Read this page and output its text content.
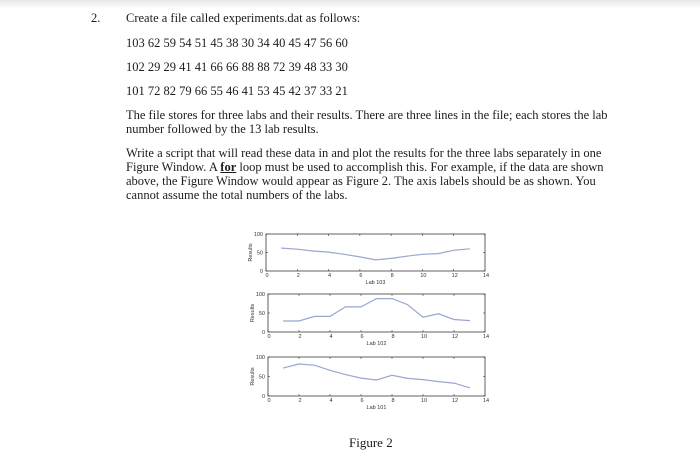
2. Create a file called experiments.dat as follows:
103 62 59 54 51 45 38 30 34 40 45 47 56 60
102 29 29 41 41 66 66 88 88 72 39 48 33 30
101 72 82 79 66 55 46 41 53 45 42 37 33 21
The file stores for three labs and their results. There are three lines in the file; each stores the lab number followed by the 13 lab results.
Write a script that will read these data in and plot the results for the three labs separately in one Figure Window. A for loop must be used to accomplish this. For example, if the data are shown above, the Figure Window would appear as Figure 2. The axis labels should be as shown. You cannot assume the total numbers of the labs.
0	2	4	6	8	10	12	14
0
50
100
Lab 103
Results
0	2	4	6	8	10	12	14
0
50
100
Lab 102
Results
0	2	4	6	8	10	12	14
0
50
100
Lab 101
Results
Figure 2
